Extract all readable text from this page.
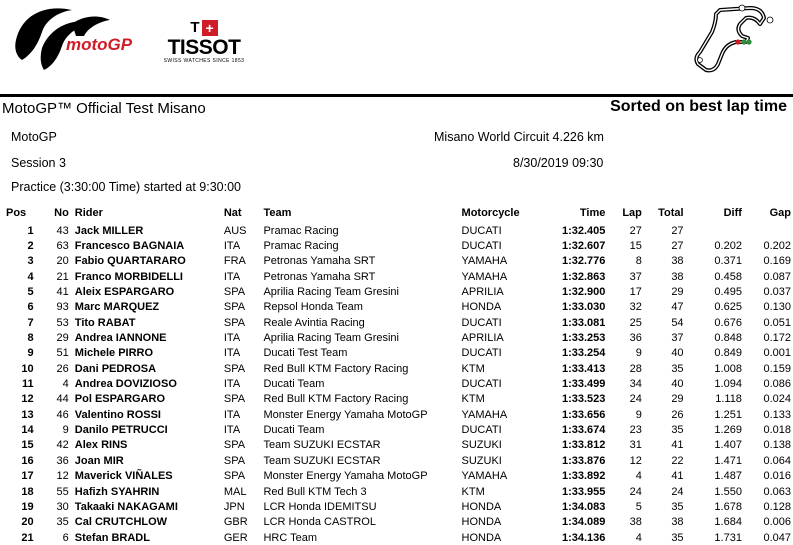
motoGP
T +
TISSOT
SWISS WATCHES SINCE 1853
MotoGP™ Official Test Misano	Sorted on best lap time
MotoGP	Misano World Circuit 4.226 km
Session 3	8/30/2019 09:30
Practice (3:30:00 Time) started at 9:30:00
Pos	No	Rider	Nat	Team	Motorcycle	Time	Lap	Total	Diff	Gap
1	43	Jack MILLER	AUS	Pramac Racing	DUCATI	1:32.405	27	27		
2	63	Francesco BAGNAIA	ITA	Pramac Racing	DUCATI	1:32.607	15	27	0.202	0.202
3	20	Fabio QUARTARARO	FRA	Petronas Yamaha SRT	YAMAHA	1:32.776	8	38	0.371	0.169
4	21	Franco MORBIDELLI	ITA	Petronas Yamaha SRT	YAMAHA	1:32.863	37	38	0.458	0.087
5	41	Aleix ESPARGARO	SPA	Aprilia Racing Team Gresini	APRILIA	1:32.900	17	29	0.495	0.037
6	93	Marc MARQUEZ	SPA	Repsol Honda Team	HONDA	1:33.030	32	47	0.625	0.130
7	53	Tito RABAT	SPA	Reale Avintia Racing	DUCATI	1:33.081	25	54	0.676	0.051
8	29	Andrea IANNONE	ITA	Aprilia Racing Team Gresini	APRILIA	1:33.253	36	37	0.848	0.172
9	51	Michele PIRRO	ITA	Ducati Test Team	DUCATI	1:33.254	9	40	0.849	0.001
10	26	Dani PEDROSA	SPA	Red Bull KTM Factory Racing	KTM	1:33.413	28	35	1.008	0.159
11	4	Andrea DOVIZIOSO	ITA	Ducati Team	DUCATI	1:33.499	34	40	1.094	0.086
12	44	Pol ESPARGARO	SPA	Red Bull KTM Factory Racing	KTM	1:33.523	24	29	1.118	0.024
13	46	Valentino ROSSI	ITA	Monster Energy Yamaha MotoGP	YAMAHA	1:33.656	9	26	1.251	0.133
14	9	Danilo PETRUCCI	ITA	Ducati Team	DUCATI	1:33.674	23	35	1.269	0.018
15	42	Alex RINS	SPA	Team SUZUKI ECSTAR	SUZUKI	1:33.812	31	41	1.407	0.138
16	36	Joan MIR	SPA	Team SUZUKI ECSTAR	SUZUKI	1:33.876	12	22	1.471	0.064
17	12	Maverick VIÑALES	SPA	Monster Energy Yamaha MotoGP	YAMAHA	1:33.892	4	41	1.487	0.016
18	55	Hafizh SYAHRIN	MAL	Red Bull KTM Tech 3	KTM	1:33.955	24	24	1.550	0.063
19	30	Takaaki NAKAGAMI	JPN	LCR Honda IDEMITSU	HONDA	1:34.083	5	35	1.678	0.128
20	35	Cal CRUTCHLOW	GBR	LCR Honda CASTROL	HONDA	1:34.089	38	38	1.684	0.006
21	6	Stefan BRADL	GER	HRC Team	HONDA	1:34.136	4	35	1.731	0.047
